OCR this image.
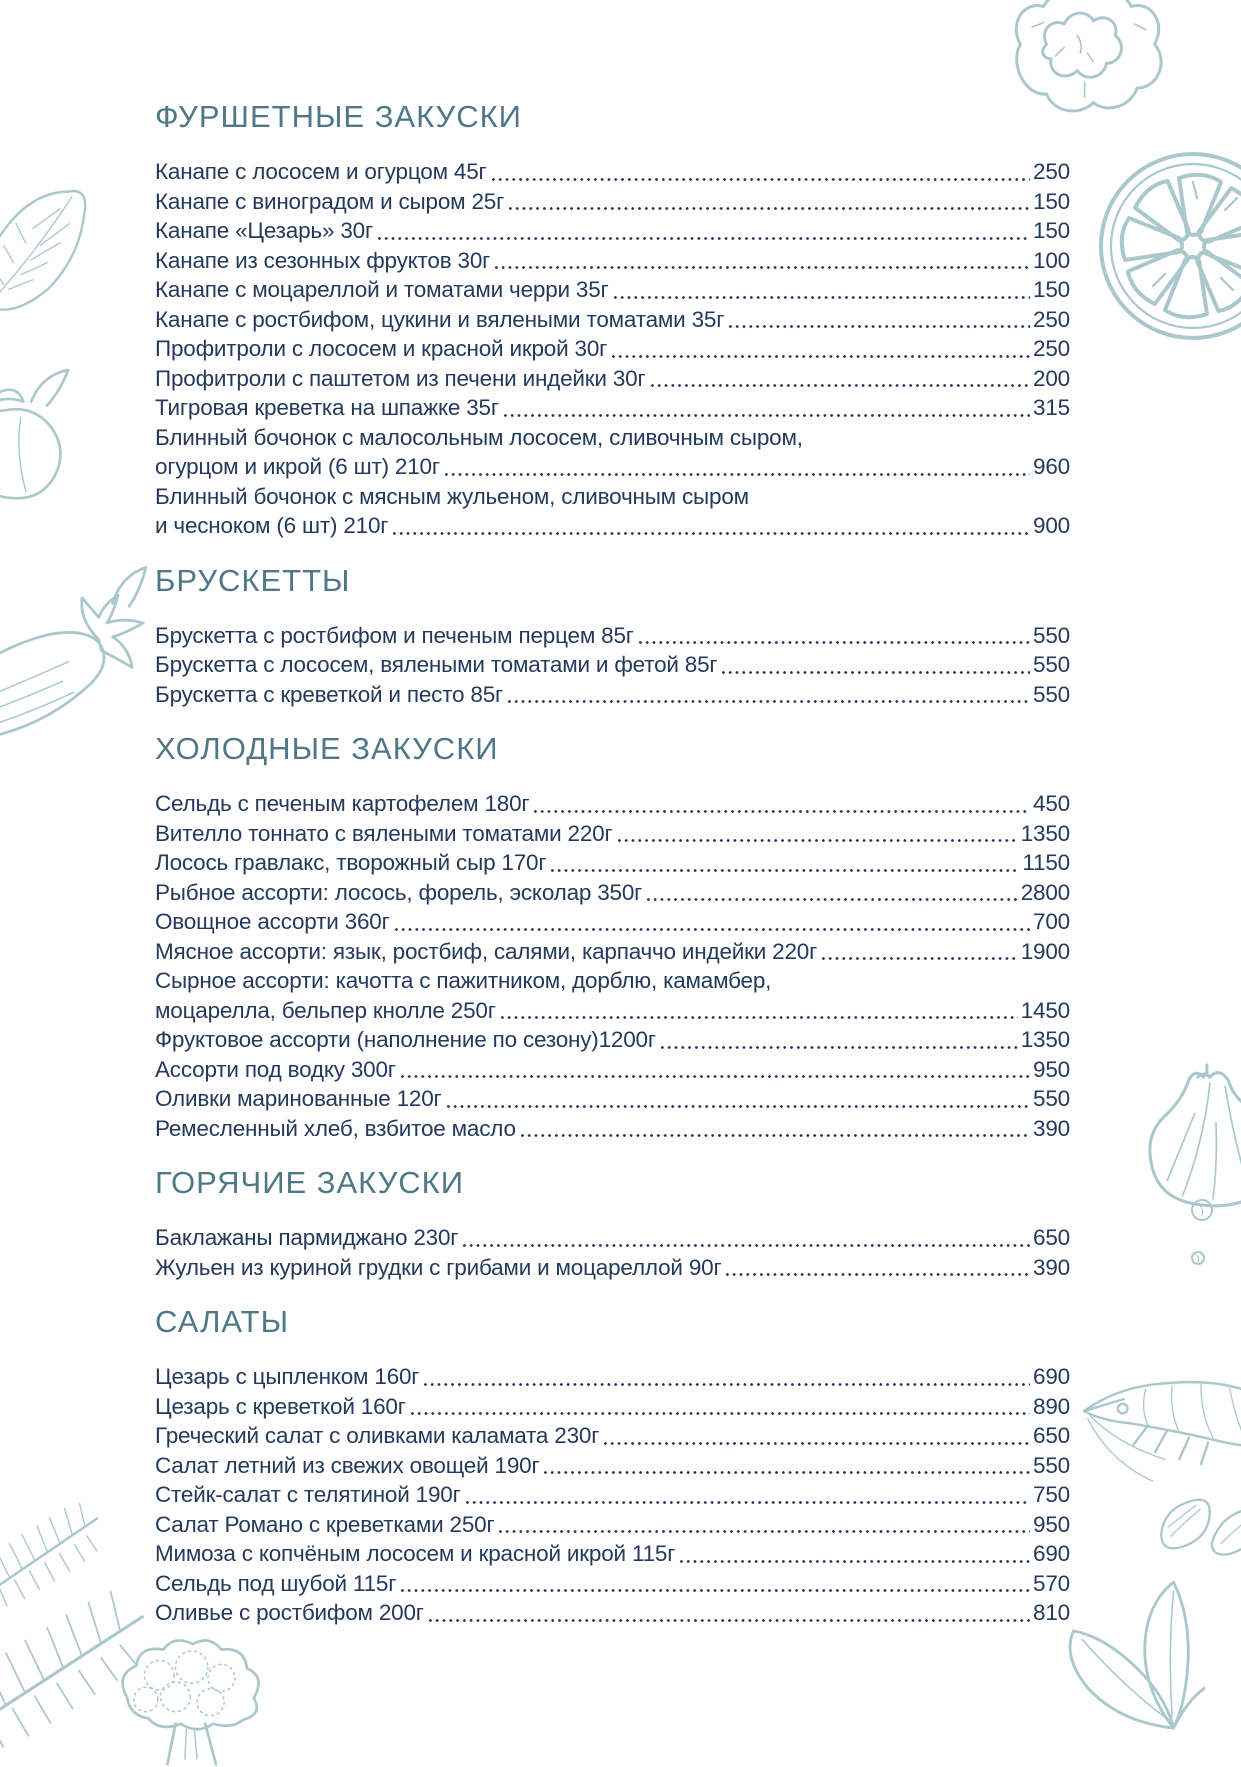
ФУРШЕТНЫЕ ЗАКУСКИ
Канапе с лососем и огурцом 45г	250
Канапе с виноградом и сыром 25г	150
Канапе «Цезарь» 30г	150
Канапе из сезонных фруктов 30г	100
Канапе с моцареллой и томатами черри 35г	150
Канапе с ростбифом, цукини и вялеными томатами 35г	250
Профитроли с лососем и красной икрой 30г	250
Профитроли с паштетом из печени индейки 30г	200
Тигровая креветка на шпажке 35г	315
Блинный бочонок с малосольным лососем, сливочным сыром,
огурцом и икрой (6 шт) 210г	960
Блинный бочонок с мясным жульеном, сливочным сыром
и чесноком (6 шт) 210г	900
БРУСКЕТТЫ
Брускетта с ростбифом и печеным перцем 85г	550
Брускетта с лососем, вялеными томатами и фетой 85г	550
Брускетта с креветкой и песто 85г	550
ХОЛОДНЫЕ ЗАКУСКИ
Сельдь с печеным картофелем 180г	450
Вителло тоннато с вялеными томатами 220г	1350
Лосось гравлакс, творожный сыр 170г	1150
Рыбное ассорти: лосось, форель, эсколар 350г	2800
Овощное ассорти 360г	700
Мясное ассорти: язык, ростбиф, салями, карпаччо индейки 220г	1900
Сырное ассорти: качотта с пажитником, дорблю, камамбер,
моцарелла, бельпер кнолле 250г	1450
Фруктовое ассорти (наполнение по сезону)1200г	1350
Ассорти под водку 300г	950
Оливки маринованные 120г	550
Ремесленный хлеб, взбитое масло	390
ГОРЯЧИЕ ЗАКУСКИ
Баклажаны пармиджано 230г	650
Жульен из куриной грудки с грибами и моцареллой 90г	390
САЛАТЫ
Цезарь с цыпленком 160г	690
Цезарь с креветкой 160г	890
Греческий салат с оливками каламата 230г	650
Салат летний из свежих овощей 190г	550
Стейк-салат с телятиной 190г	750
Салат Романо с креветками 250г	950
Мимоза с копчёным лососем и красной икрой 115г	690
Сельдь под шубой 115г	570
Оливье с ростбифом 200г	810
